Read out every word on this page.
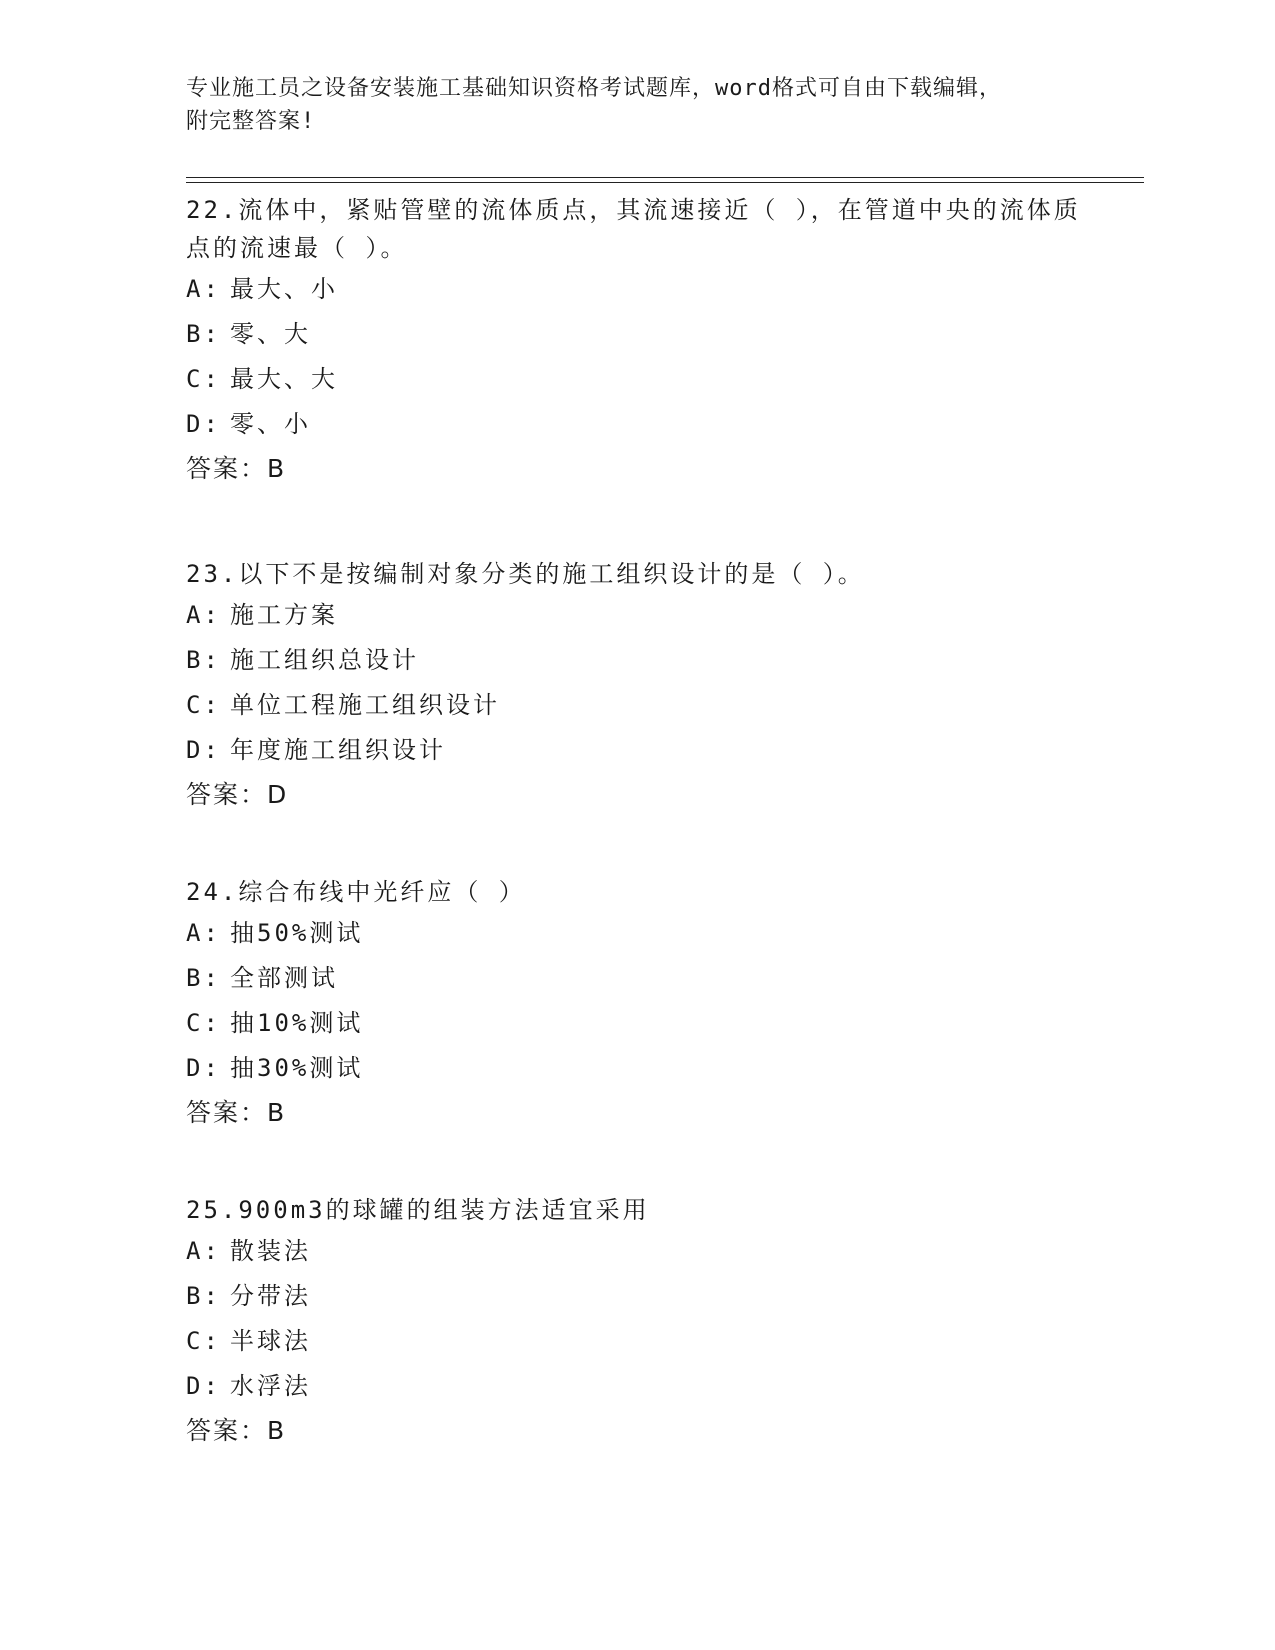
专业施工员之设备安装施工基础知识资格考试题库，word格式可自由下载编辑，
附完整答案!

22.流体中，紧贴管壁的流体质点，其流速接近（ ），在管道中央的流体质点的流速最（ ）。

A: 最大、小

B: 零、大

C: 最大、大

D: 零、小

答案：B

23.以下不是按编制对象分类的施工组织设计的是（ ）。

A: 施工方案

B: 施工组织总设计

C: 单位工程施工组织设计

D: 年度施工组织设计

答案：D

24.综合布线中光纤应（ ）

A: 抽50%测试

B: 全部测试

C: 抽10%测试

D: 抽30%测试

答案：B

25.900m3的球罐的组装方法适宜采用

A: 散装法

B: 分带法

C: 半球法

D: 水浮法

答案：B
